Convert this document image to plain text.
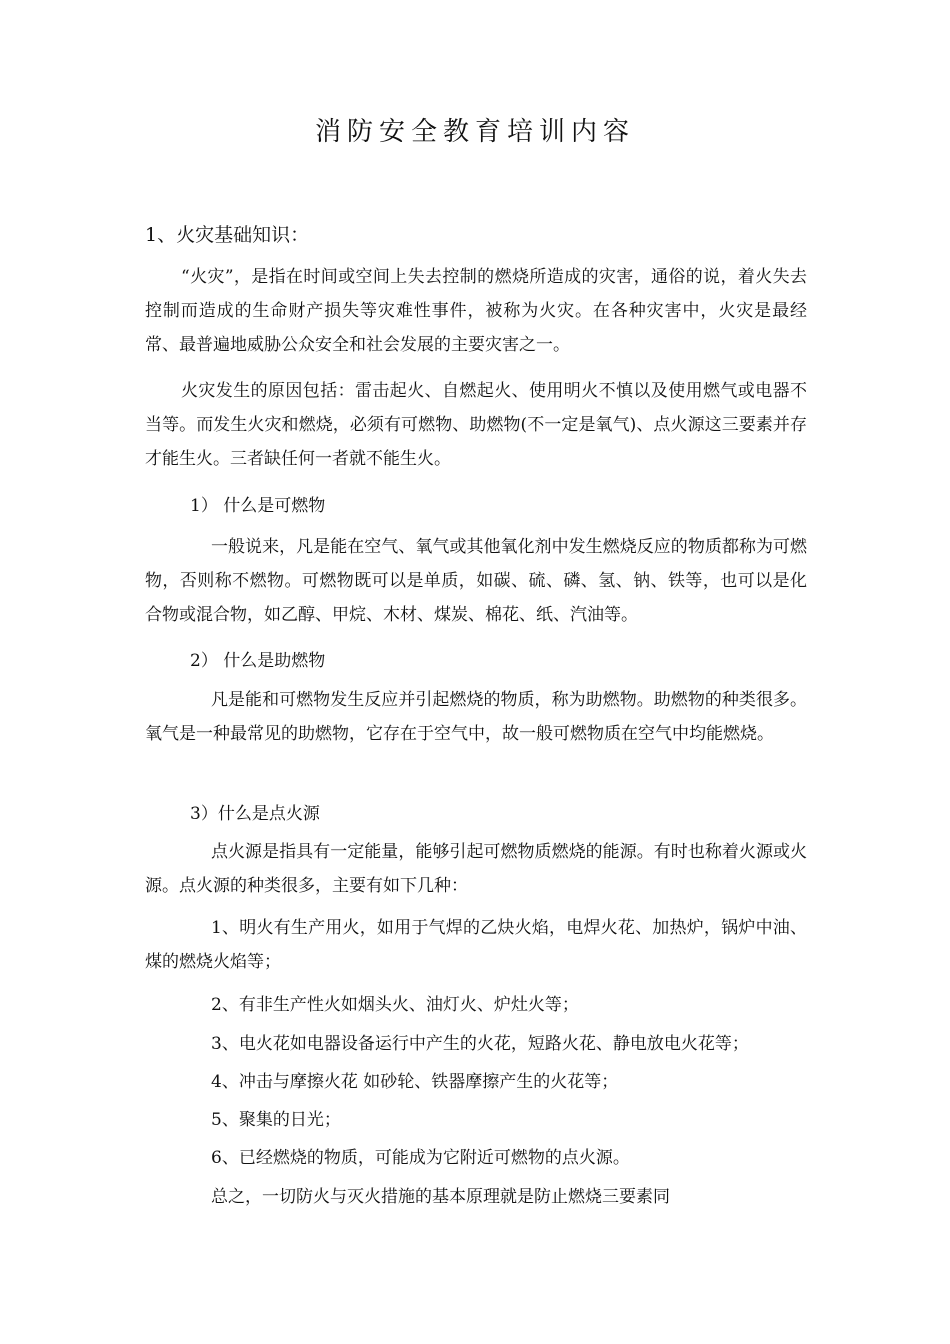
消防安全教育培训内容
1、火灾基础知识：

“火灾”，是指在时间或空间上失去控制的燃烧所造成的灾害，通俗的说，着火失去控制而造成的生命财产损失等灾难性事件，被称为火灾。在各种灾害中，火灾是最经常、最普遍地威胁公众安全和社会发展的主要灾害之一。

火灾发生的原因包括：雷击起火、自燃起火、使用明火不慎以及使用燃气或电器不当等。而发生火灾和燃烧，必须有可燃物、助燃物(不一定是氧气)、点火源这三要素并存才能生火。三者缺任何一者就不能生火。

1） 什么是可燃物

一般说来，凡是能在空气、氧气或其他氧化剂中发生燃烧反应的物质都称为可燃物，否则称不燃物。可燃物既可以是单质，如碳、硫、磷、氢、钠、铁等，也可以是化合物或混合物，如乙醇、甲烷、木材、煤炭、棉花、纸、汽油等。

2） 什么是助燃物

凡是能和可燃物发生反应并引起燃烧的物质，称为助燃物。助燃物的种类很多。氧气是一种最常见的助燃物，它存在于空气中，故一般可燃物质在空气中均能燃烧。

3）什么是点火源

点火源是指具有一定能量，能够引起可燃物质燃烧的能源。有时也称着火源或火源。点火源的种类很多，主要有如下几种：

1、明火有生产用火，如用于气焊的乙炔火焰，电焊火花、加热炉，锅炉中油、煤的燃烧火焰等；

2、有非生产性火如烟头火、油灯火、炉灶火等；
3、电火花如电器设备运行中产生的火花，短路火花、静电放电火花等；
4、冲击与摩擦火花 如砂轮、铁器摩擦产生的火花等；
5、聚集的日光；
6、已经燃烧的物质，可能成为它附近可燃物的点火源。
总之，一切防火与灭火措施的基本原理就是防止燃烧三要素同
